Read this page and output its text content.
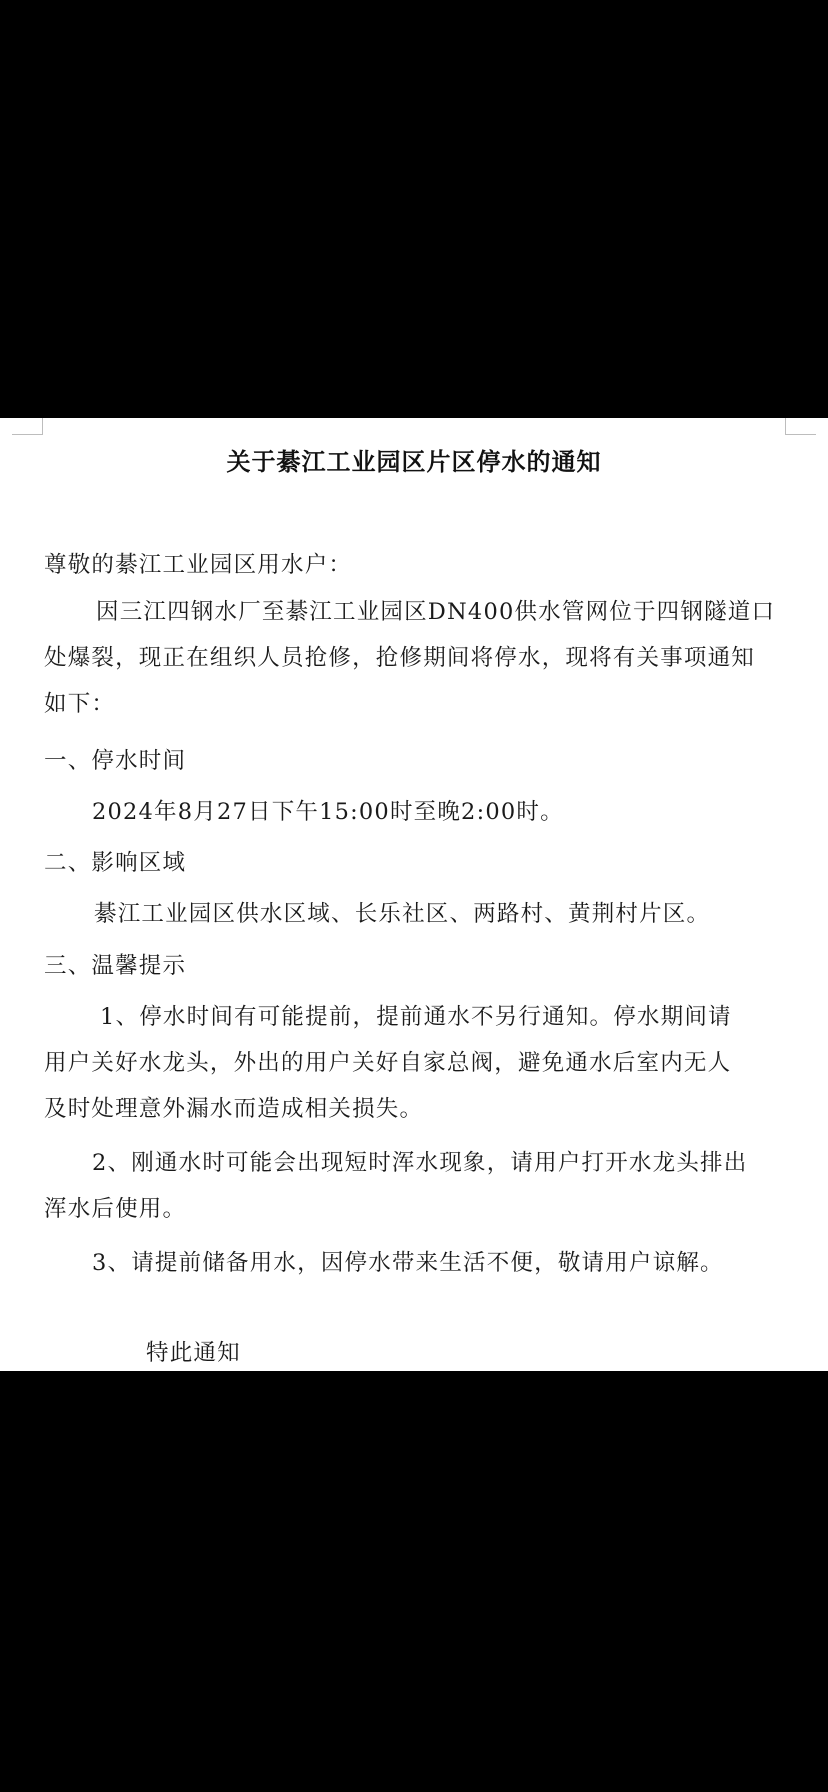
关于綦江工业园区片区停水的通知
尊敬的綦江工业园区用水户：
因三江四钢水厂至綦江工业园区DN400供水管网位于四钢隧道口
处爆裂，现正在组织人员抢修，抢修期间将停水，现将有关事项通知
如下：
一、停水时间
2024年8月27日下午15:00时至晚2:00时。
二、影响区域
綦江工业园区供水区域、长乐社区、两路村、黄荆村片区。
三、温馨提示
1、停水时间有可能提前，提前通水不另行通知。停水期间请
用户关好水龙头，外出的用户关好自家总阀，避免通水后室内无人
及时处理意外漏水而造成相关损失。
2、刚通水时可能会出现短时浑水现象，请用户打开水龙头排出
浑水后使用。
3、请提前储备用水，因停水带来生活不便，敬请用户谅解。
特此通知
